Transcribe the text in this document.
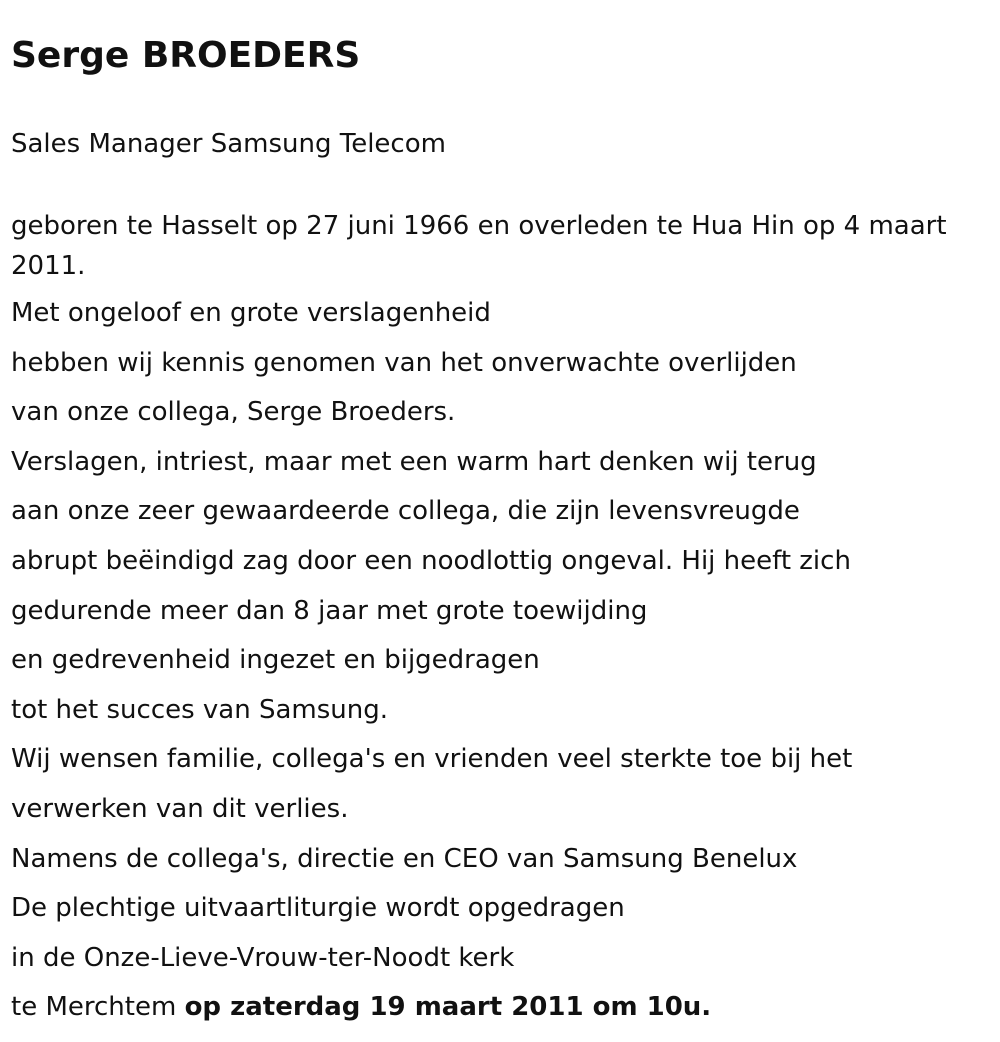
Serge BROEDERS

Sales Manager Samsung Telecom

geboren te Hasselt op 27 juni 1966 en overleden te Hua Hin op 4 maart 2011.

Met ongeloof en grote verslagenheid

hebben wij kennis genomen van het onverwachte overlijden

van onze collega, Serge Broeders.

Verslagen, intriest, maar met een warm hart denken wij terug

aan onze zeer gewaardeerde collega, die zijn levensvreugde

abrupt beëindigd zag door een noodlottig ongeval. Hij heeft zich

gedurende meer dan 8 jaar met grote toewijding

en gedrevenheid ingezet en bijgedragen

tot het succes van Samsung.

Wij wensen familie, collega's en vrienden veel sterkte toe bij het

verwerken van dit verlies.

Namens de collega's, directie en CEO van Samsung Benelux

De plechtige uitvaartliturgie wordt opgedragen

in de Onze-Lieve-Vrouw-ter-Noodt kerk

te Merchtem op zaterdag 19 maart 2011 om 10u.
